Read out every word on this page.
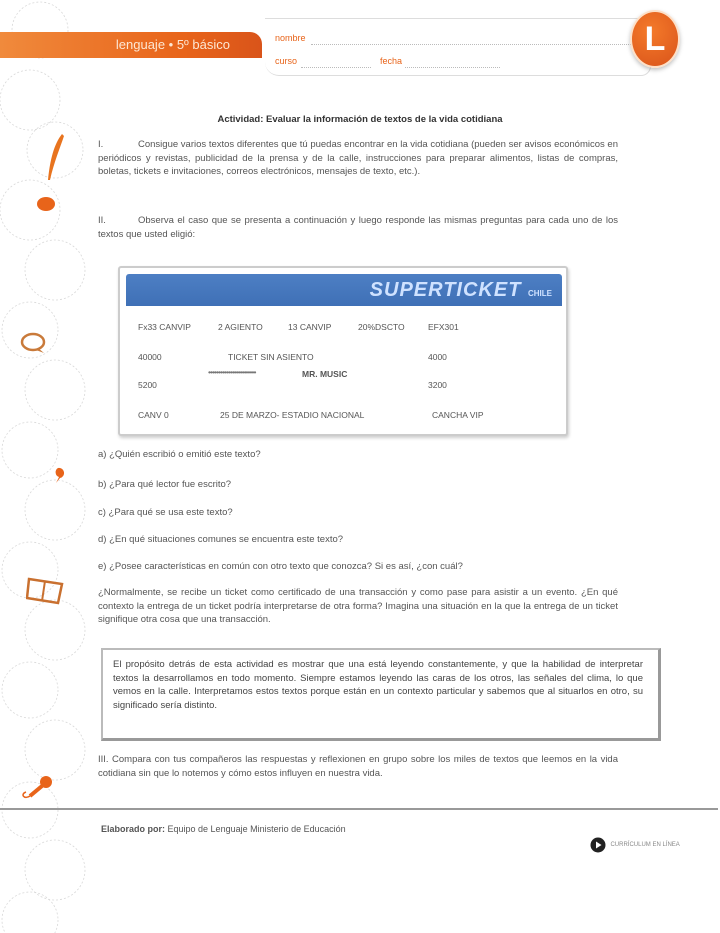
lenguaje • 5º básico	nombre
curso	fecha
L
Actividad: Evaluar la información de textos de la vida cotidiana
I.	Consigue varios textos diferentes que tú puedas encontrar en la vida cotidiana (pueden ser avisos económicos en periódicos y revistas, publicidad de la prensa y de la calle, instrucciones para preparar alimentos, listas de compras, boletas, tickets e invitaciones, correos electrónicos, mensajes de texto, etc.).
II.	Observa el caso que se presenta a continuación y luego responde las mismas preguntas para cada uno de los textos que usted eligió:
SUPERTICKET CHILE
Fx33 CANVIP	2 AGIENTO	13 CANVIP	20%DSCTO	EFX301
40000	TICKET SIN ASIENTO	4000
••••••••••••••••••••••••	MR. MUSIC
5200	3200
CANV 0	25 DE MARZO- ESTADIO NACIONAL	CANCHA VIP
a) ¿Quién escribió o emitió este texto?
b) ¿Para qué lector fue escrito?
c) ¿Para qué se usa este texto?
d) ¿En qué situaciones comunes se encuentra este texto?
e) ¿Posee características en común con otro texto que conozca? Si es así, ¿con cuál?
¿Normalmente, se recibe un ticket como certificado de una transacción y como pase para asistir a un evento. ¿En qué contexto la entrega de un ticket podría interpretarse de otra forma? Imagina una situación en la que la entrega de un ticket signifique otra cosa que una transacción.
El propósito detrás de esta actividad es mostrar que una está leyendo constantemente, y que la habilidad de interpretar textos la desarrollamos en todo momento. Siempre estamos leyendo las caras de los otros, las señales del clima, lo que vemos en la calle. Interpretamos estos textos porque están en un contexto particular y sabemos que al situarlos en otro, su significado sería distinto.
III. Compara con tus compañeros las respuestas y reflexionen en grupo sobre los miles de textos que leemos en la vida cotidiana sin que lo notemos y cómo estos influyen en nuestra vida.
Elaborado por: Equipo de Lenguaje Ministerio de Educación
CURRÍCULUM EN LÍNEA
